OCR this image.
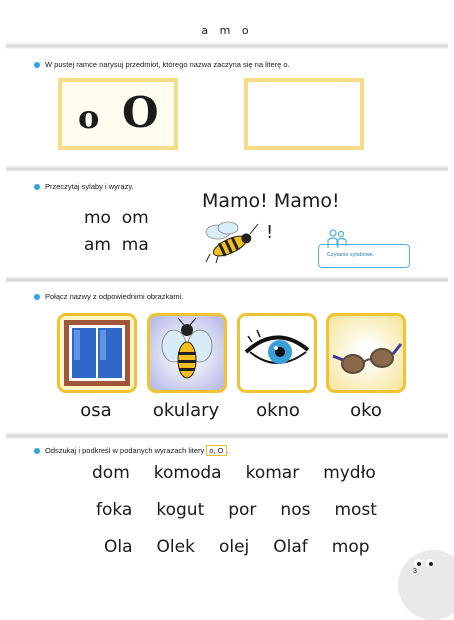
a m o
W pustej ramce narysuj przedmiot, którego nazwa zaczyna się na literę o.
o O
Przeczytaj sylaby i wyrazy.
mo  om
am  ma
Mamo! Mamo!
!
Czytanie sylabowe.
Połącz nazwy z odpowiednimi obrazkami.
osa	okulary	okno	oko
Odszukaj i podkreśl w podanych wyrazach litery o, O .
dom komoda komar mydło
foka kogut por nos most
Ola Olek olej Olaf mop
3
